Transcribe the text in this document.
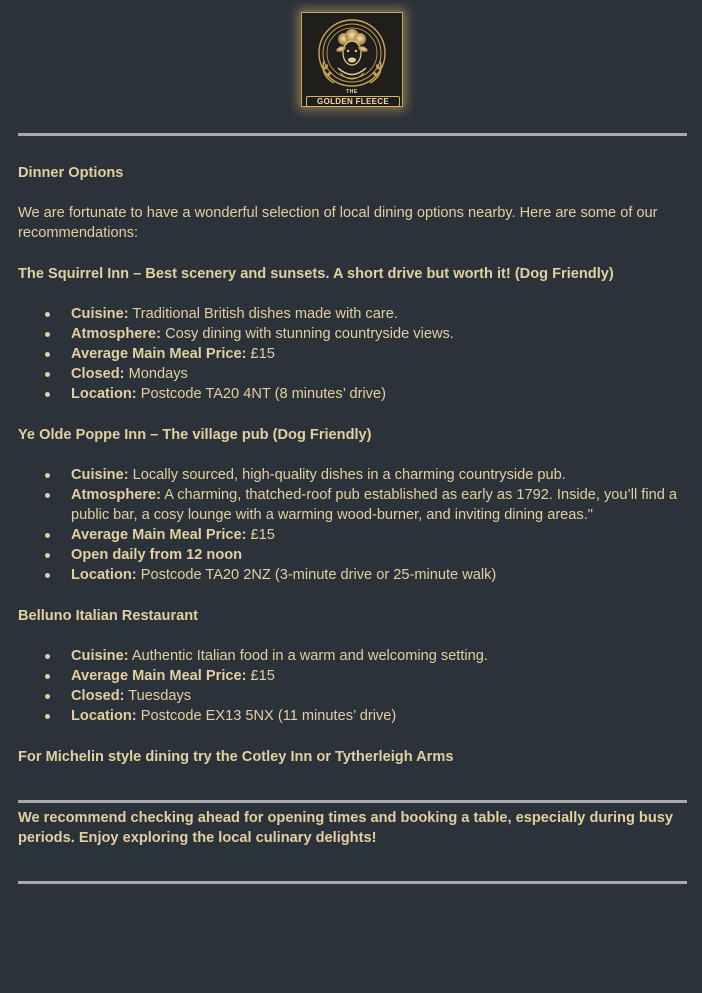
THE
GOLDEN FLEECE
Dinner Options
We are fortunate to have a wonderful selection of local dining options nearby. Here are some of our recommendations:
The Squirrel Inn – Best scenery and sunsets. A short drive but worth it! (Dog Friendly)
Cuisine: Traditional British dishes made with care.
Atmosphere: Cosy dining with stunning countryside views.
Average Main Meal Price: £15
Closed: Mondays
Location: Postcode TA20 4NT (8 minutes’ drive)
Ye Olde Poppe Inn – The village pub (Dog Friendly)
Cuisine: Locally sourced, high-quality dishes in a charming countryside pub.
Atmosphere: A charming, thatched-roof pub established as early as 1792. Inside, you’ll find a public bar, a cosy lounge with a warming wood-burner, and inviting dining areas."
Average Main Meal Price: £15
Open daily from 12 noon
Location: Postcode TA20 2NZ (3-minute drive or 25-minute walk)
Belluno Italian Restaurant
Cuisine: Authentic Italian food in a warm and welcoming setting.
Average Main Meal Price: £15
Closed: Tuesdays
Location: Postcode EX13 5NX (11 minutes’ drive)
For Michelin style dining try the Cotley Inn or Tytherleigh Arms
We recommend checking ahead for opening times and booking a table, especially during busy periods. Enjoy exploring the local culinary delights!
